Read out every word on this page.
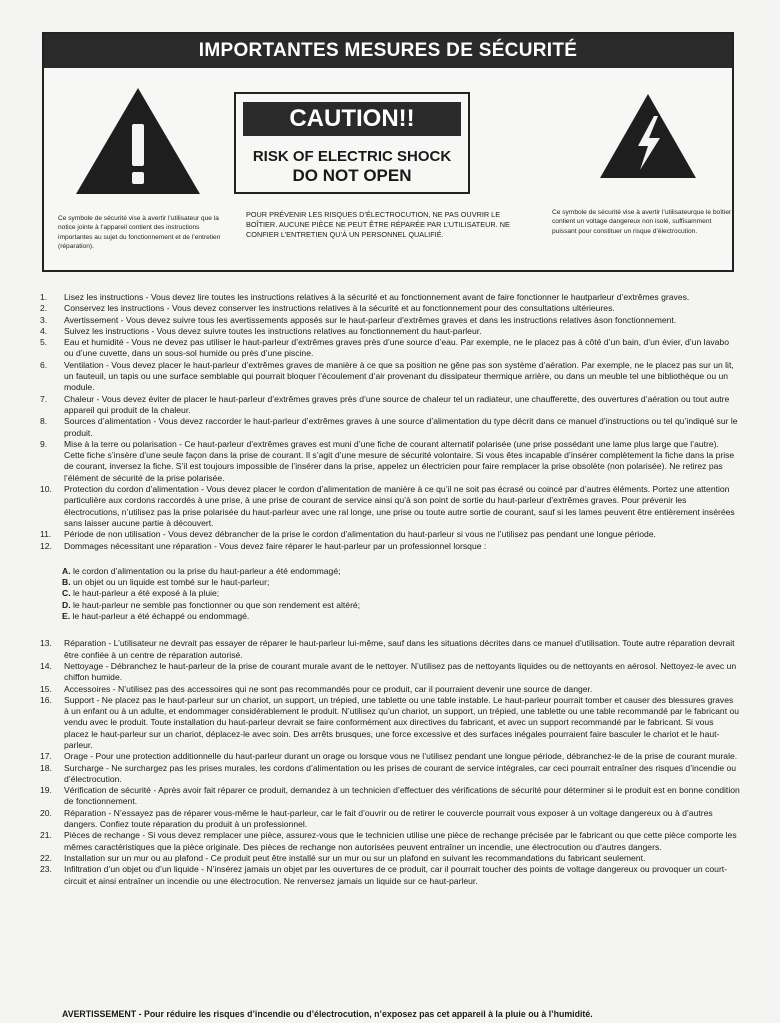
IMPORTANTES MESURES DE SÉCURITÉ
Ce symbole de sécurité vise à avertir l’utilisateur que la notice jointe à l’appareil contient des instructions importantes au sujet du fonctionnement et de l’entretien (réparation).
Ce symbole de sécurité vise à avertir l’utilisateurque le boîtier contient un voltage dangereux non isolé, suffisamment puissant pour constituer un risque d’électrocution.
CAUTION!!
RISK OF ELECTRIC SHOCK
DO NOT OPEN
POUR PRÉVENIR LES RISQUES D’ÉLECTROCUTION, NE PAS OUVRIR LE BOÎTIER. AUCUNE PIÈCE NE PEUT ÊTRE RÉPARÉE PAR L’UTILISATEUR. NE CONFIER L’ENTRETIEN QU’À UN PERSONNEL QUALIFIÉ.
1. Lisez les instructions - Vous devez lire toutes les instructions relatives à la sécurité et au fonctionnement avant de faire fonctionner le hautparleur d’extrêmes graves.
2. Conservez les instructions - Vous devez conserver les instructions relatives à la sécurité et au fonctionnement pour des consultations ultérieures.
3. Avertissement - Vous devez suivre tous les avertissements apposés sur le haut-parleur d’extrêmes graves et dans les instructions relatives àson fonctionnement.
4. Suivez les instructions - Vous devez suivre toutes les instructions relatives au fonctionnement du haut-parleur.
5. Eau et humidité - Vous ne devez pas utiliser le haut-parleur d’extrêmes graves près d’une source d’eau. Par exemple, ne le placez pas à côté d’un bain, d’un évier, d’un lavabo ou d’une cuvette, dans un sous-sol humide ou près d’une piscine.
6. Ventilation - Vous devez placer le haut-parleur d’extrêmes graves de manière à ce que sa position ne gêne pas son système d’aération. Par exemple, ne le placez pas sur un lit, un fauteuil, un tapis ou une surface semblable qui pourrait bloquer l’écoulement d’air provenant du dissipateur thermique arrière, ou dans un meuble tel une bibliothèque ou un module.
7. Chaleur - Vous devez éviter de placer le haut-parleur d’extrêmes graves près d’une source de chaleur tel un radiateur, une chaufferette, des ouvertures d’aération ou tout autre appareil qui produit de la chaleur.
8. Sources d’alimentation - Vous devez raccorder le haut-parleur d’extrêmes graves à une source d’alimentation du type décrit dans ce manuel d’instructions ou tel qu’indiqué sur le produit.
9. Mise à la terre ou polarisation - Ce haut-parleur d’extrêmes graves est muni d’une fiche de courant alternatif polarisée (une prise possédant une lame plus large que l’autre). Cette fiche s’insère d’une seule façon dans la prise de courant. Il s’agit d’une mesure de sécurité volontaire. Si vous êtes incapable d’insérer complètement la fiche dans la prise de courant, inversez la fiche. S’il est toujours impossible de l’insérer dans la prise, appelez un électricien pour faire remplacer la prise obsolète (non polarisée). Ne retirez pas l’élément de sécurité de la prise polarisée.
10. Protection du cordon d’alimentation - Vous devez placer le cordon d’alimentation de manière à ce qu’il ne soit pas écrasé ou coincé par d’autres éléments. Portez une attention particulière aux cordons raccordés à une prise, à une prise de courant de service ainsi qu’à son point de sortie du haut-parleur d’extrêmes graves. Pour prévenir les électrocutions, n’utilisez pas la prise polarisée du haut-parleur avec une ral longe, une prise ou toute autre sortie de courant, sauf si les lames peuvent être entièrement insérées sans laisser aucune partie à découvert.
11. Période de non utilisation - Vous devez débrancher de la prise le cordon d’alimentation du haut-parleur si vous ne l’utilisez pas pendant une longue période.
12. Dommages nécessitant une réparation - Vous devez faire réparer le haut-parleur par un professionnel lorsque :
A. le cordon d’alimentation ou la prise du haut-parleur a été endommagé;
B. un objet ou un liquide est tombé sur le haut-parleur;
C. le haut-parleur a été exposé à la pluie;
D. le haut-parleur ne semble pas fonctionner ou que son rendement est altéré;
E. le haut-parleur a été échappé ou endommagé.
13. Réparation - L’utilisateur ne devrait pas essayer de réparer le haut-parleur lui-même, sauf dans les situations décrites dans ce manuel d’utilisation. Toute autre réparation devrait être confiée à un centre de réparation autorisé.
14. Nettoyage - Débranchez le haut-parleur de la prise de courant murale avant de le nettoyer. N’utilisez pas de nettoyants liquides ou de nettoyants en aérosol. Nettoyez-le avec un chiffon humide.
15. Accessoires - N’utilisez pas des accessoires qui ne sont pas recommandés pour ce produit, car il pourraient devenir une source de danger.
16. Support - Ne placez pas le haut-parleur sur un chariot, un support, un trépied, une tablette ou une table instable. Le haut-parleur pourrait tomber et causer des blessures graves à un enfant ou à un adulte, et endommager considérablement le produit. N’utilisez qu’un chariot, un support, un trépied, une tablette ou une table recommandé par le fabricant ou vendu avec le produit. Toute installation du haut-parleur devrait se faire conformément aux directives du fabricant, et avec un support recommandé par le fabricant. Si vous placez le haut-parleur sur un chariot, déplacez-le avec soin. Des arrêts brusques, une force excessive et des surfaces inégales pourraient faire basculer le chariot et le haut-parleur.
17. Orage - Pour une protection additionnelle du haut-parleur durant un orage ou lorsque vous ne l’utilisez pendant une longue période, débranchez-le de la prise de courant murale.
18. Surcharge - Ne surchargez pas les prises murales, les cordons d’alimentation ou les prises de courant de service intégrales, car ceci pourrait entraîner des risques d’incendie ou d’électrocution.
19. Vérification de sécurité - Après avoir fait réparer ce produit, demandez à un technicien d’effectuer des vérifications de sécurité pour déterminer si le produit est en bonne condition de fonctionnement.
20. Réparation - N’essayez pas de réparer vous-même le haut-parleur, car le fait d’ouvrir ou de retirer le couvercle pourrait vous exposer à un voltage dangereux ou à d’autres dangers. Confiez toute réparation du produit à un professionnel.
21. Pièces de rechange - Si vous devez remplacer une pièce, assurez-vous que le technicien utilise une pièce de rechange précisée par le fabricant ou que cette pièce comporte les mêmes caractéristiques que la pièce originale. Des pièces de rechange non autorisées peuvent entraîner un incendie, une électrocution ou d’autres dangers.
22. Installation sur un mur ou au plafond - Ce produit peut être installé sur un mur ou sur un plafond en suivant les recommandations du fabricant seulement.
23. Infiltration d’un objet ou d’un liquide - N’insérez jamais un objet par les ouvertures de ce produit, car il pourrait toucher des points de voltage dangereux ou provoquer un court-circuit et ainsi entraîner un incendie ou une électrocution. Ne renversez jamais un liquide sur ce haut-parleur.
AVERTISSEMENT - Pour réduire les risques d’incendie ou d’électrocution, n’exposez pas cet appareil à la pluie ou à l’humidité.
